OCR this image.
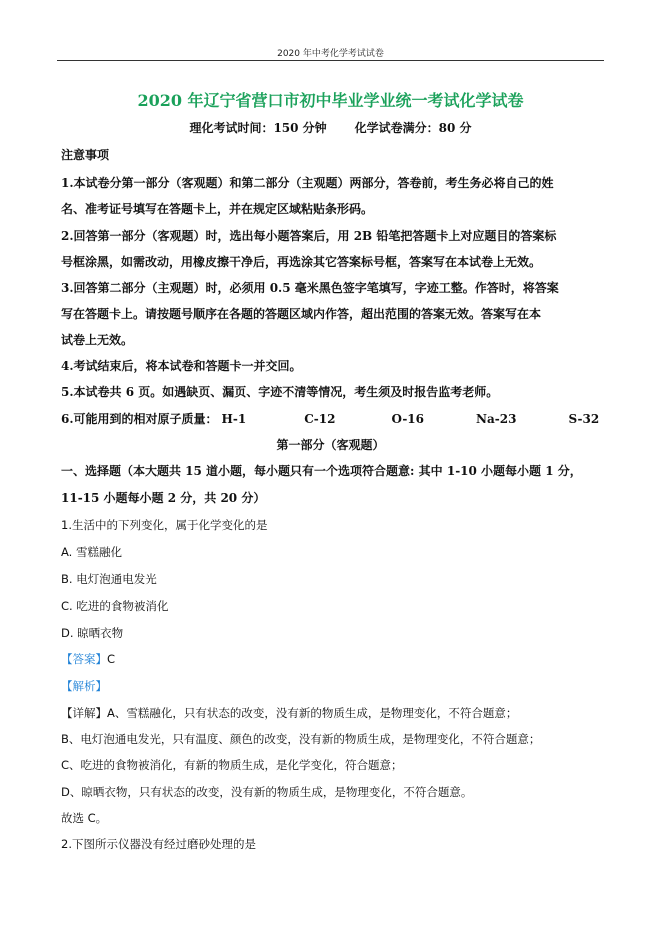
2020 年中考化学考试试卷
2020 年辽宁省营口市初中毕业学业统一考试化学试卷
理化考试时间：150 分钟 化学试卷满分：80 分
注意事项
1.本试卷分第一部分（客观题）和第二部分（主观题）两部分，答卷前，考生务必将自己的姓
名、准考证号填写在答题卡上，并在规定区域粘贴条形码。
2.回答第一部分（客观题）时，选出每小题答案后，用 2B 铅笔把答题卡上对应题目的答案标
号框涂黑，如需改动，用橡皮擦干净后，再选涂其它答案标号框，答案写在本试卷上无效。
3.回答第二部分（主观题）时，必须用 0.5 毫米黑色签字笔填写，字迹工整。作答时，将答案
写在答题卡上。请按题号顺序在各题的答题区域内作答，超出范围的答案无效。答案写在本
试卷上无效。
4.考试结束后，将本试卷和答题卡一并交回。
5.本试卷共 6 页。如遇缺页、漏页、字迹不清等情况，考生须及时报告监考老师。
6.可能用到的相对原子质量： H-1	C-12	O-16	Na-23	S-32
第一部分（客观题）
一、选择题（本大题共 15 道小题，每小题只有一个选项符合题意: 其中 1-10 小题每小题 1 分，
11-15 小题每小题 2 分，共 20 分）
1.生活中的下列变化，属于化学变化的是
A. 雪糕融化
B. 电灯泡通电发光
C. 吃进的食物被消化
D. 晾晒衣物
【答案】C
【解析】
【详解】A、雪糕融化，只有状态的改变，没有新的物质生成，是物理变化，不符合题意；
B、电灯泡通电发光，只有温度、颜色的改变，没有新的物质生成，是物理变化，不符合题意；
C、吃进的食物被消化，有新的物质生成，是化学变化，符合题意；
D、晾晒衣物，只有状态的改变，没有新的物质生成，是物理变化，不符合题意。
故选 C。
2.下图所示仪器没有经过磨砂处理的是
